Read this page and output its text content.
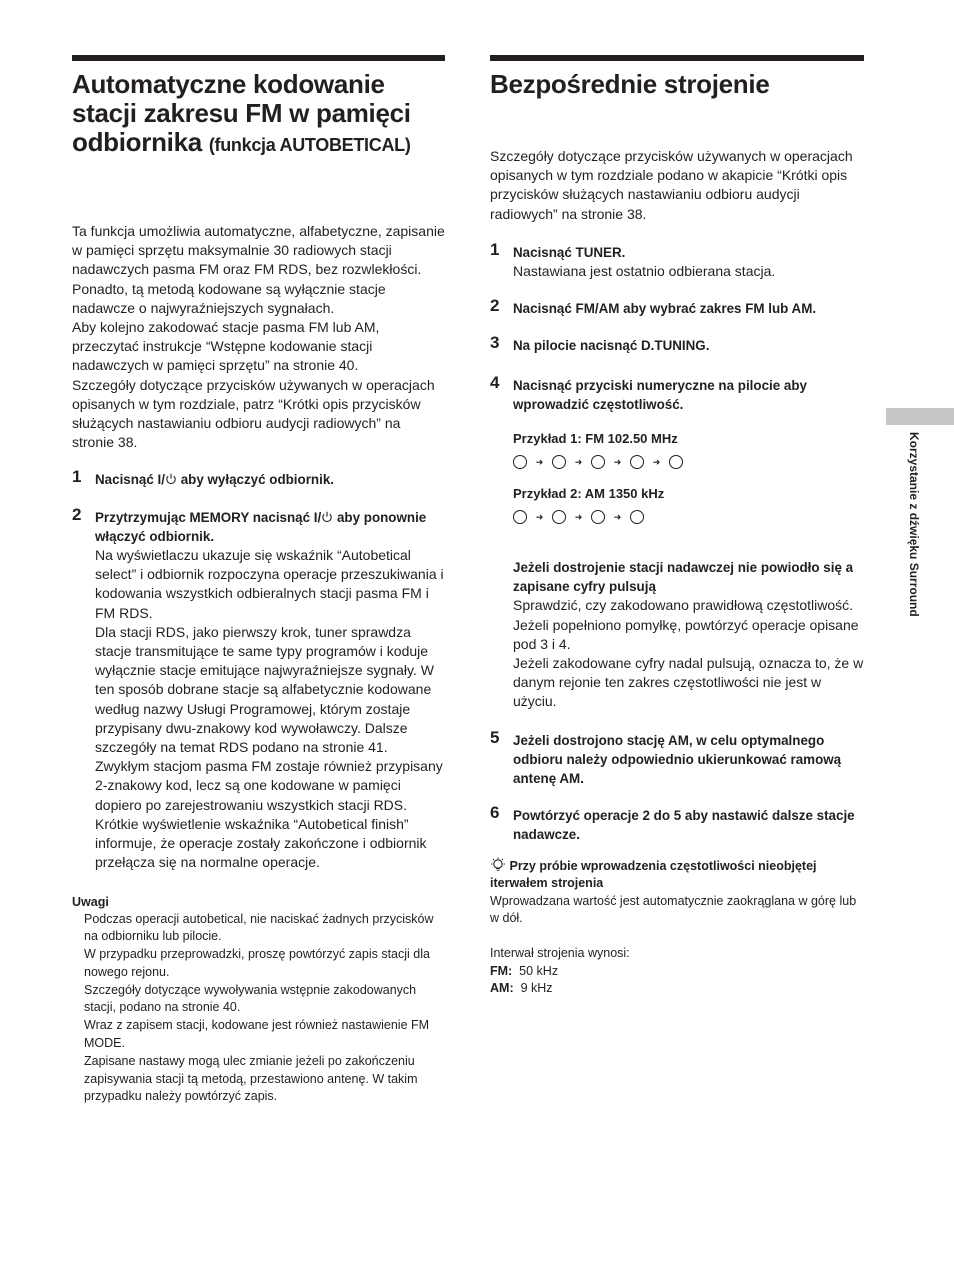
Automatyczne kodowanie stacji zakresu FM w pamięci odbiornika (funkcja AUTOBETICAL)

Ta funkcja umożliwia automatyczne, alfabetyczne, zapisanie w pamięci sprzętu maksymalnie 30 radiowych stacji nadawczych pasma FM oraz FM RDS, bez rozwlekłości. Ponadto, tą metodą kodowane są wyłącznie stacje nadawcze o najwyraźniejszych sygnałach.

Aby kolejno zakodować stacje pasma FM lub AM, przeczytać instrukcje “Wstępne kodowanie stacji nadawczych w pamięci sprzętu” na stronie 40.

Szczegóły dotyczące przycisków używanych w operacjach opisanych w tym rozdziale, patrz “Krótki opis przycisków służących nastawianiu odbioru audycji radiowych” na stronie 38.

1 Nacisnąć I/ aby wyłączyć odbiornik.
2 Przytrzymując MEMORY nacisnąć I/ aby ponownie włączyć odbiornik.

Na wyświetlaczu ukazuje się wskaźnik “Autobetical select” i odbiornik rozpoczyna operacje przeszukiwania i kodowania wszystkich odbieralnych stacji pasma FM i FM RDS.

Dla stacji RDS, jako pierwszy krok, tuner sprawdza stacje transmitujące te same typy programów i koduje wyłącznie stacje emitujące najwyraźniejsze sygnały. W ten sposób dobrane stacje są alfabetycznie kodowane według nazwy Usługi Programowej, którym zostaje przypisany dwu-znakowy kod wywoławczy. Dalsze szczegóły na temat RDS podano na stronie 41.

Zwykłym stacjom pasma FM zostaje również przypisany 2-znakowy kod, lecz są one kodowane w pamięci dopiero po zarejestrowaniu wszystkich stacji RDS.

Krótkie wyświetlenie wskaźnika “Autobetical finish” informuje, że operacje zostały zakończone i odbiornik przełącza się na normalne operacje.

Uwagi

Podczas operacji autobetical, nie naciskać żadnych przycisków na odbiorniku lub pilocie.

W przypadku przeprowadzki, proszę powtórzyć zapis stacji dla nowego rejonu.

Szczegóły dotyczące wywoływania wstępnie zakodowanych stacji, podano na stronie 40.

Wraz z zapisem stacji, kodowane jest również nastawienie FM MODE.

Zapisane nastawy mogą ulec zmianie jeżeli po zakończeniu zapisywania stacji tą metodą, przestawiono antenę. W takim przypadku należy powtórzyć zapis.

Bezpośrednie strojenie

Szczegóły dotyczące przycisków używanych w operacjach opisanych w tym rozdziale podano w akapicie “Krótki opis przycisków służących nastawianiu odbioru audycji radiowych” na stronie 38.

1 Nacisnąć TUNER.
Nastawiana jest ostatnio odbierana stacja.
2 Nacisnąć FM/AM aby wybrać zakres FM lub AM.
3 Na pilocie nacisnąć D.TUNING.
4 Nacisnąć przyciski numeryczne na pilocie aby wprowadzić częstotliwość.
Przykład 1: FM 102.50 MHz
➜	➜	➜	➜
Przykład 2: AM 1350 kHz
➜	➜	➜
Jeżeli dostrojenie stacji nadawczej nie powiodło się a zapisane cyfry pulsują

Sprawdzić, czy zakodowano prawidłową częstotliwość. Jeżeli popełniono pomyłkę, powtórzyć operacje opisane pod 3 i 4.

Jeżeli zakodowane cyfry nadal pulsują, oznacza to, że w danym rejonie ten zakres częstotliwości nie jest w użyciu.

5 Jeżeli dostrojono stację AM, w celu optymalnego odbioru należy odpowiednio ukierunkować ramową antenę AM.
6 Powtórzyć operacje 2 do 5 aby nastawić dalsze stacje nadawcze.
Przy próbie wprowadzenia częstotliwości nieobjętej iterwałem strojenia
Wprowadzana wartość jest automatycznie zaokrąglana w górę lub w dół.
Interwał strojenia wynosi:
FM: 50 kHz
AM: 9 kHz
Korzystanie z dźwięku Surround
